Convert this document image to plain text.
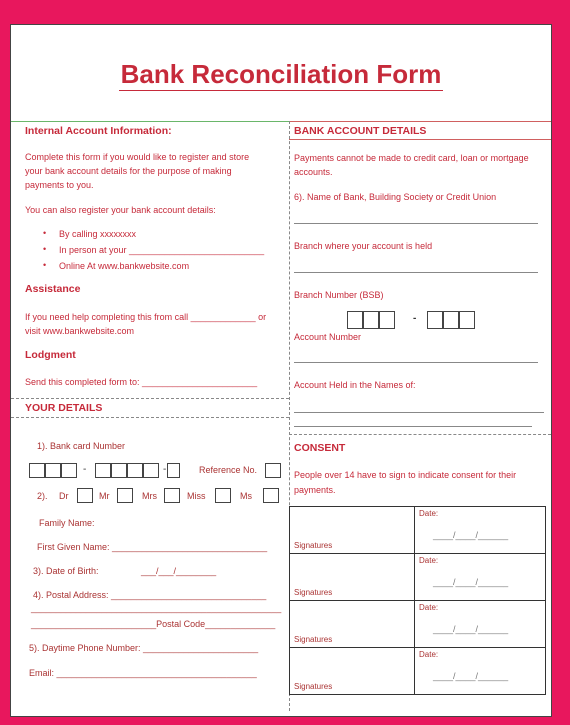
Bank Reconciliation Form
Internal Account Information:
Complete this form if you would like to register and store
your bank account details for the purpose of making
payments to you.
You can also register your bank account details:
• By calling xxxxxxxx
• In person at your ___________________________
• Online At www.bankwebsite.com
Assistance
If you need help completing this from call _____________ or
visit www.bankwebsite.com
Lodgment
Send this completed form to: _______________________
YOUR DETAILS
1). Bank card Number
-	-	Reference No.
2). Dr	Mr	Mrs	Miss	Ms
Family Name:
First Given Name: _______________________________
3). Date of Birth:	___/___/________
4). Postal Address: _______________________________
__________________________________________________
_________________________Postal Code______________
5). Daytime Phone Number: _______________________
Email: ________________________________________
BANK ACCOUNT DETAILS
Payments cannot be made to credit card, loan or mortgage
accounts.
6). Name of Bank, Building Society or Credit Union
Branch where your account is held
Branch Number (BSB)
-
Account Number
Account Held in the Names of:
CONSENT
People over 14 have to sign to indicate consent for their
payments.
Signatures	Date:
____/____/______

Signatures	Date:
____/____/______

Signatures	Date:
____/____/______

Signatures	Date:
____/____/______
